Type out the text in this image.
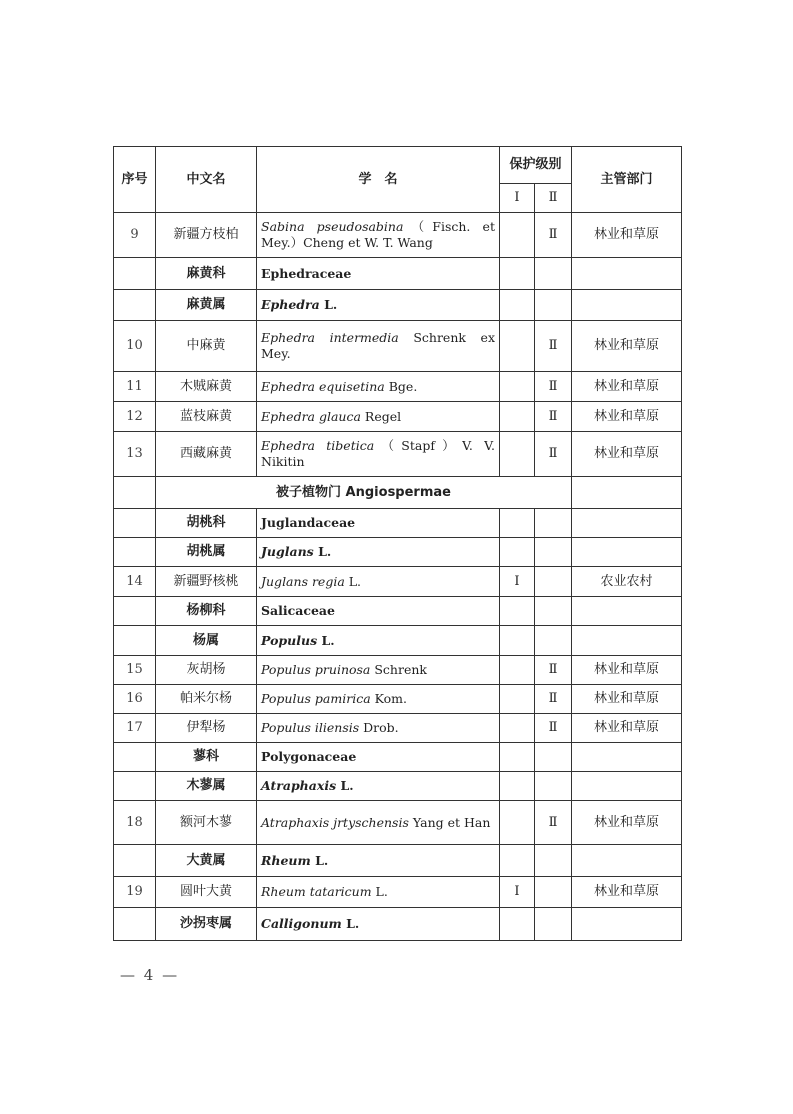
序号	中文名	学　名	保护级别		主管部门
			Ⅰ	Ⅱ	
9	新疆方枝柏	Sabina pseudosabina（Fisch. et Mey.）Cheng et W. T. Wang		Ⅱ	林业和草原
	麻黄科	Ephedraceae			
	麻黄属	Ephedra L.			
10	中麻黄	Ephedra intermedia Schrenk ex Mey.		Ⅱ	林业和草原
11	木贼麻黄	Ephedra equisetina Bge.		Ⅱ	林业和草原
12	蓝枝麻黄	Ephedra glauca Regel		Ⅱ	林业和草原
13	西藏麻黄	Ephedra tibetica（Stapf）V. V. Nikitin		Ⅱ	林业和草原
	被子植物门 Angiospermae				
	胡桃科	Juglandaceae			
	胡桃属	Juglans L.			
14	新疆野核桃	Juglans regia L.	Ⅰ		农业农村
	杨柳科	Salicaceae			
	杨属	Populus L.			
15	灰胡杨	Populus pruinosa Schrenk		Ⅱ	林业和草原
16	帕米尔杨	Populus pamirica Kom.		Ⅱ	林业和草原
17	伊犁杨	Populus iliensis Drob.		Ⅱ	林业和草原
	蓼科	Polygonaceae			
	木蓼属	Atraphaxis L.			
18	额河木蓼	Atraphaxis jrtyschensis Yang et Han		Ⅱ	林业和草原
	大黄属	Rheum L.			
19	圆叶大黄	Rheum tataricum L.	Ⅰ		林业和草原
	沙拐枣属	Calligonum L.			
— 4 —
